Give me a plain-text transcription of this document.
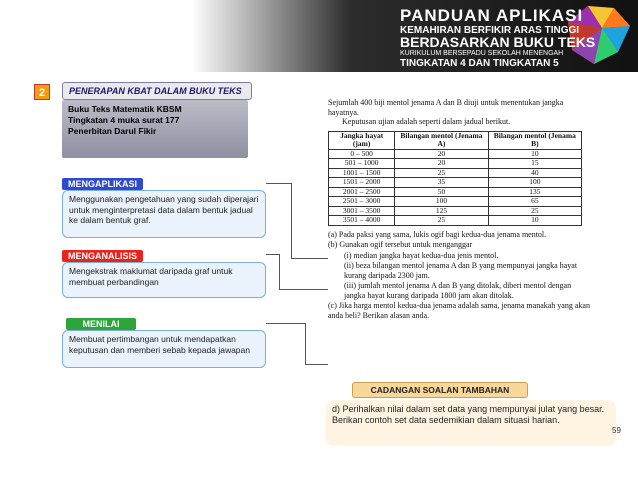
PANDUAN APLIKASI
KEMAHIRAN BERFIKIR ARAS TINGGI
BERDASARKAN BUKU TEKS
KURIKULUM BERSEPADU SEKOLAH MENENGAH
TINGKATAN 4 DAN TINGKATAN 5
2	PENERAPAN KBAT DALAM BUKU TEKS
Buku Teks Matematik KBSM
Tingkatan 4 muka surat 177
Penerbitan Darul Fikir
MENGAPLIKASI
Menggunakan pengetahuan yang sudah diperajari untuk menginterpretasi data dalam bentuk jadual ke dalam bentuk graf.
MENGANALISIS
Mengekstrak maklumat daripada graf untuk membuat perbandingan
MENILAI
Membuat pertimbangan untuk mendapatkan keputusan dan memberi sebab kepada jawapan

Sejumlah 400 biji mentol jenama A dan B diuji untuk menentukan jangka hayatnya.

Keputusan ujian adalah seperti dalam jadual berikut.

Jangka hayat (jam)	Bilangan mentol (Jenama A)	Bilangan mentol (Jenama B)
0 – 500	20	10
501 – 1000	20	15
1001 – 1500	25	40
1501 – 2000	35	100
2001 – 2500	50	135
2501 – 3000	100	65
3001 – 3500	125	25
3501 – 4000	25	10

(a) Pada paksi yang sama, lukis ogif bagi kedua-dua jenama mentol.

(b) Gunakan ogif tersebut untuk menganggar

(i) median jangka hayat kedua-dua jenis mentol.

(ii) beza bilangan mentol jenama A dan B yang mempunyai jangka hayat kurang daripada 2300 jam.

(iii) jumlah mentol jenama A dan B yang ditolak, diberi mentol dengan jangka hayat kurang daripada 1800 jam akan ditolak.

(c) Jika harga mentol kedua-dua jenama adalah sama, jenama manakah yang akan anda beli? Berikan alasan anda.

CADANGAN SOALAN TAMBAHAN
d) Perihalkan nilai dalam set data yang mempunyai julat yang besar. Berikan contoh set data sedemikian dalam situasi harian.
59
